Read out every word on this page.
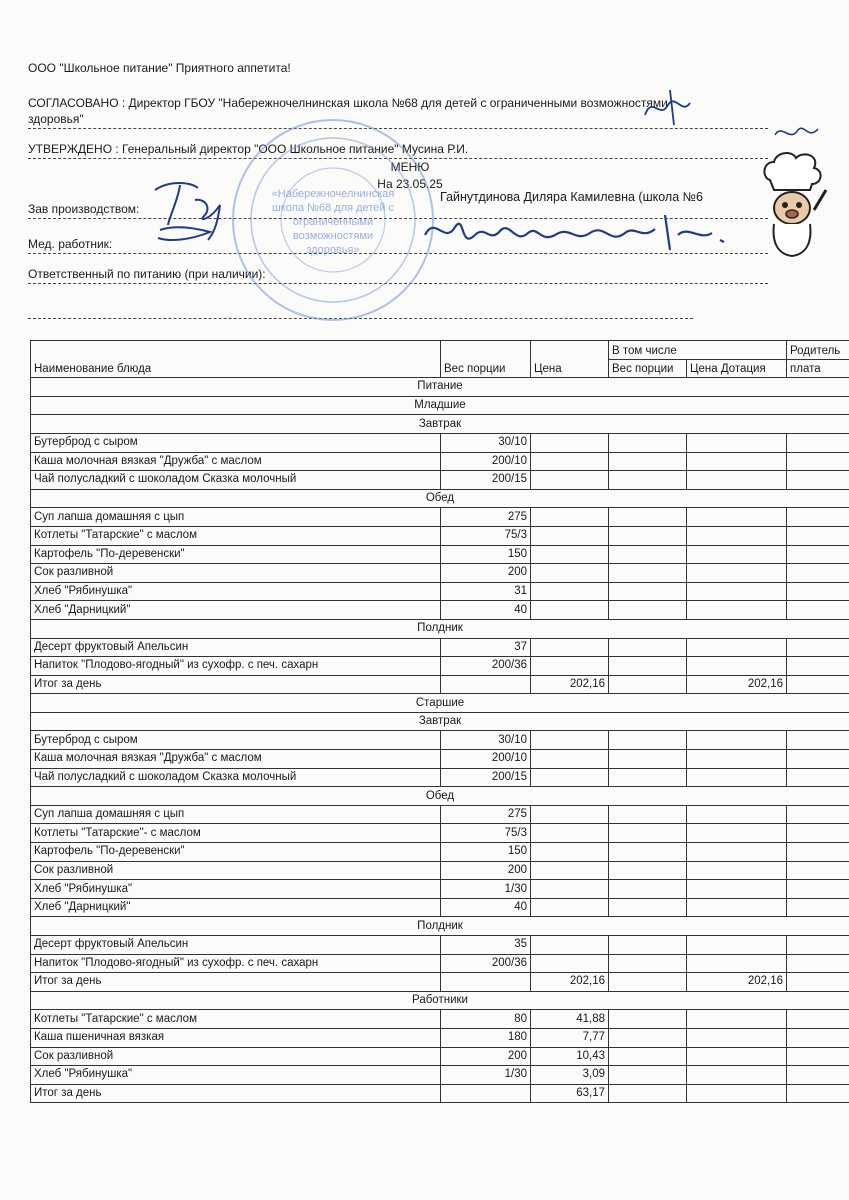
ООО "Школьное питание" Приятного аппетита!
СОГЛАСОВАНО : Директор ГБОУ "Набережночелнинская школа №68 для детей с ограниченными возможностями
здоровья"
УТВЕРЖДЕНО : Генеральный директор "ООО Школьное питание" Мусина Р.И.
МЕНЮ
На 23.05.25
Зав производством:
Гайнутдинова Диляра Камилевна (школа №6
Мед. работник:
Ответственный по питанию (при наличии):
«Набережночелнинская
школа №68 для детей с
ограниченными
возможностями
здоровья»
Наименование блюда	Вес порции	Цена	В том числе		Родитель
			Вес порции	Цена Дотация	плата
Питание					
Младшие					
Завтрак					
Бутерброд с сыром	30/10				
Каша молочная вязкая "Дружба" с маслом	200/10				
Чай полусладкий с шоколадом Сказка молочный	200/15				
Обед					
Суп лапша домашняя с цып	275				
Котлеты "Татарские" с маслом	75/3				
Картофель "По-деревенски"	150				
Сок разливной	200				
Хлеб "Рябинушка"	31				
Хлеб "Дарницкий"	40				
Полдник					
Десерт фруктовый Апельсин	37				
Напиток "Плодово-ягодный" из сухофр. с печ. сахарн	200/36				
Итог за день		202,16		202,16	
Старшие					
Завтрак					
Бутерброд с сыром	30/10				
Каша молочная вязкая "Дружба" с маслом	200/10				
Чай полусладкий с шоколадом Сказка молочный	200/15				
Обед					
Суп лапша домашняя с цып	275				
Котлеты "Татарские"- с маслом	75/3				
Картофель "По-деревенски"	150				
Сок разливной	200				
Хлеб "Рябинушка"	1/30				
Хлеб "Дарницкий"	40				
Полдник					
Десерт фруктовый Апельсин	35				
Напиток "Плодово-ягодный" из сухофр. с печ. сахарн	200/36				
Итог за день		202,16		202,16	
Работники					
Котлеты "Татарские" с маслом	80	41,88			
Каша пшеничная вязкая	180	7,77			
Сок разливной	200	10,43			
Хлеб "Рябинушка"	1/30	3,09			
Итог за день		63,17			
